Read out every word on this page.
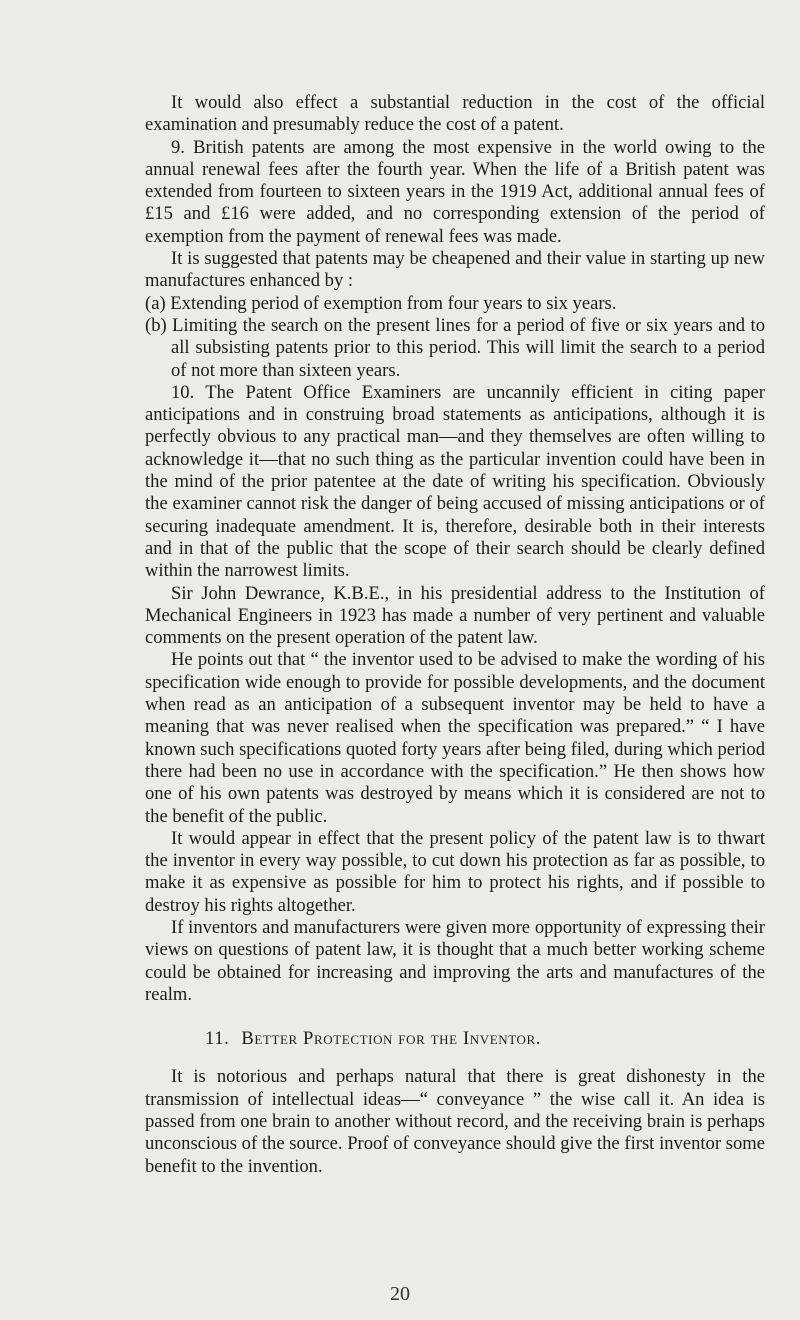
It would also effect a substantial reduction in the cost of the official examination and presumably reduce the cost of a patent.

9. British patents are among the most expensive in the world owing to the annual renewal fees after the fourth year. When the life of a British patent was extended from fourteen to sixteen years in the 1919 Act, additional annual fees of £15 and £16 were added, and no corresponding extension of the period of exemption from the payment of renewal fees was made.

It is suggested that patents may be cheapened and their value in starting up new manufactures enhanced by :

(a) Extending period of exemption from four years to six years.

(b) Limiting the search on the present lines for a period of five or six years and to all subsisting patents prior to this period. This will limit the search to a period of not more than sixteen years.

10. The Patent Office Examiners are uncannily efficient in citing paper anticipations and in construing broad statements as anticipations, although it is perfectly obvious to any practical man—and they themselves are often willing to acknowledge it—that no such thing as the particular invention could have been in the mind of the prior patentee at the date of writing his specification. Obviously the examiner cannot risk the danger of being accused of missing anticipations or of securing inadequate amendment. It is, therefore, desirable both in their interests and in that of the public that the scope of their search should be clearly defined within the narrowest limits.

Sir John Dewrance, K.B.E., in his presidential address to the Institution of Mechanical Engineers in 1923 has made a number of very pertinent and valuable comments on the present operation of the patent law.

He points out that “ the inventor used to be advised to make the wording of his specification wide enough to provide for possible developments, and the document when read as an anticipation of a subsequent inventor may be held to have a meaning that was never realised when the specification was prepared.” “ I have known such specifications quoted forty years after being filed, during which period there had been no use in accordance with the specification.” He then shows how one of his own patents was destroyed by means which it is considered are not to the benefit of the public.

It would appear in effect that the present policy of the patent law is to thwart the inventor in every way possible, to cut down his protection as far as possible, to make it as expensive as possible for him to protect his rights, and if possible to destroy his rights altogether.

If inventors and manufacturers were given more opportunity of expressing their views on questions of patent law, it is thought that a much better working scheme could be obtained for increasing and improving the arts and manufactures of the realm.

11. Better Protection for the Inventor.

It is notorious and perhaps natural that there is great dishonesty in the transmission of intellectual ideas—“ conveyance ” the wise call it. An idea is passed from one brain to another without record, and the receiving brain is perhaps unconscious of the source. Proof of conveyance should give the first inventor some benefit to the invention.

20
